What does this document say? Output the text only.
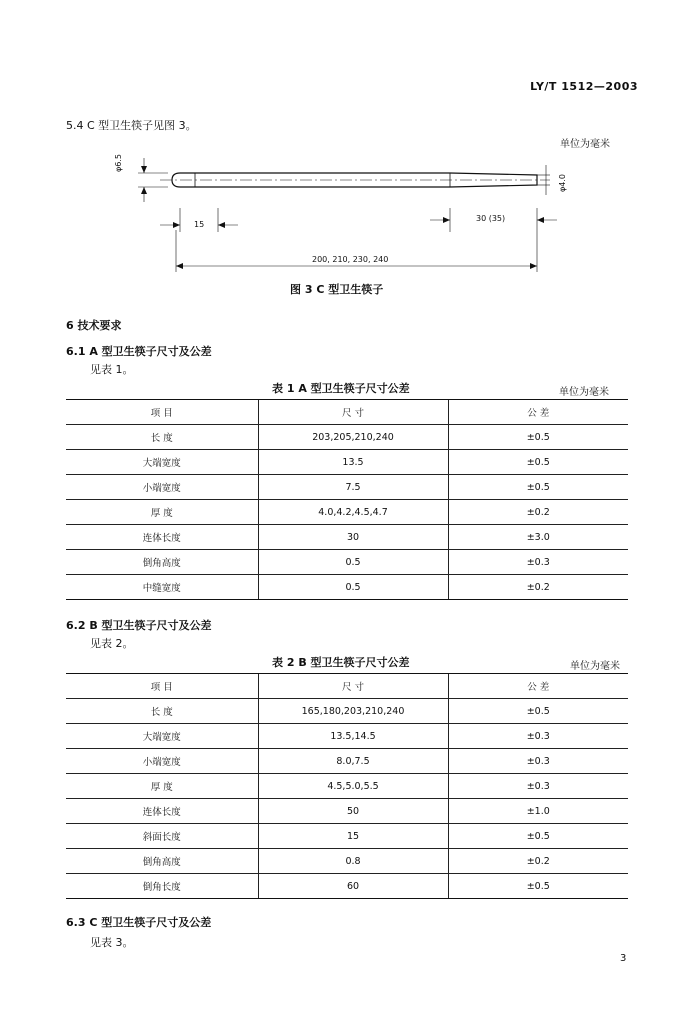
LY/T 1512—2003
5.4 C 型卫生筷子见图 3。
单位为毫米
φ6.5
φ4.0
15
30 (35)
200, 210, 230, 240
图 3 C 型卫生筷子
6 技术要求
6.1 A 型卫生筷子尺寸及公差
见表 1。
表 1 A 型卫生筷子尺寸公差	单位为毫米
项 目	尺 寸	公 差
长 度	203,205,210,240	±0.5
大端宽度	13.5	±0.5
小端宽度	7.5	±0.5
厚 度	4.0,4.2,4.5,4.7	±0.2
连体长度	30	±3.0
倒角高度	0.5	±0.3
中缝宽度	0.5	±0.2
6.2 B 型卫生筷子尺寸及公差
见表 2。
表 2 B 型卫生筷子尺寸公差	单位为毫米
项 目	尺 寸	公 差
长 度	165,180,203,210,240	±0.5
大端宽度	13.5,14.5	±0.3
小端宽度	8.0,7.5	±0.3
厚 度	4.5,5.0,5.5	±0.3
连体长度	50	±1.0
斜面长度	15	±0.5
倒角高度	0.8	±0.2
倒角长度	60	±0.5
6.3 C 型卫生筷子尺寸及公差
见表 3。
3
